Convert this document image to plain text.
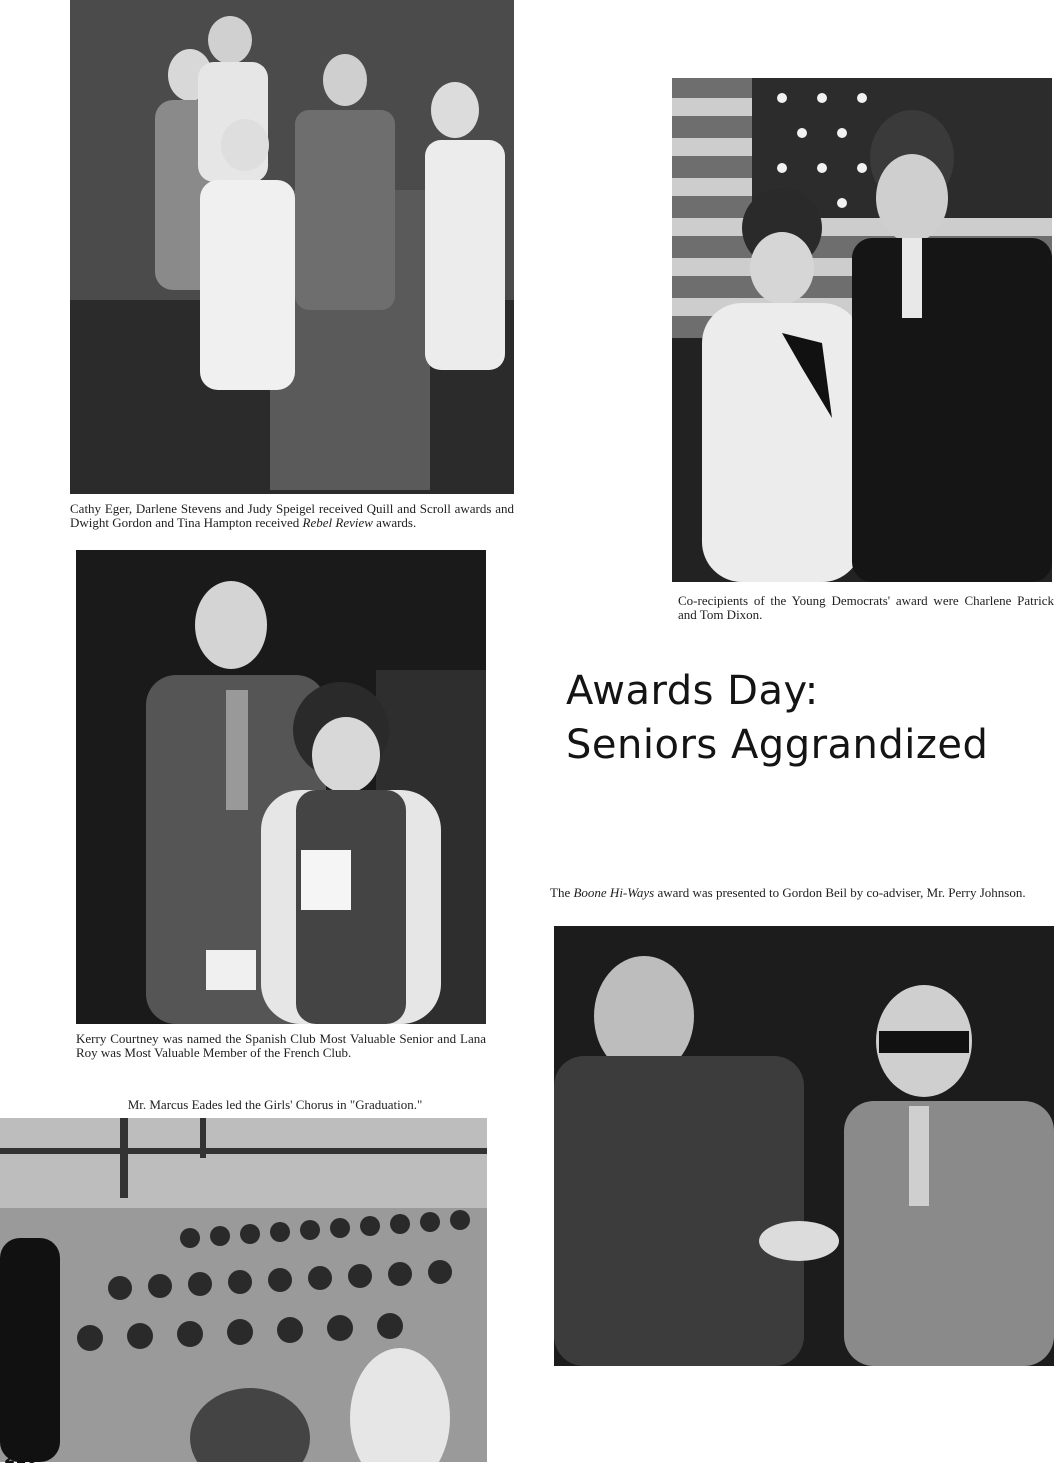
Cathy Eger, Darlene Stevens and Judy Speigel received Quill and Scroll awards and Dwight Gordon and Tina Hampton received Rebel Review awards.
Co-recipients of the Young Democrats' award were Charlene Patrick and Tom Dixon.
Kerry Courtney was named the Spanish Club Most Valuable Senior and Lana Roy was Most Valuable Member of the French Club.
Mr. Marcus Eades led the Girls' Chorus in "Graduation."
Awards Day:
Seniors Aggrandized
The Boone Hi-Ways award was presented to Gordon Beil by co-adviser, Mr. Perry Johnson.
210
